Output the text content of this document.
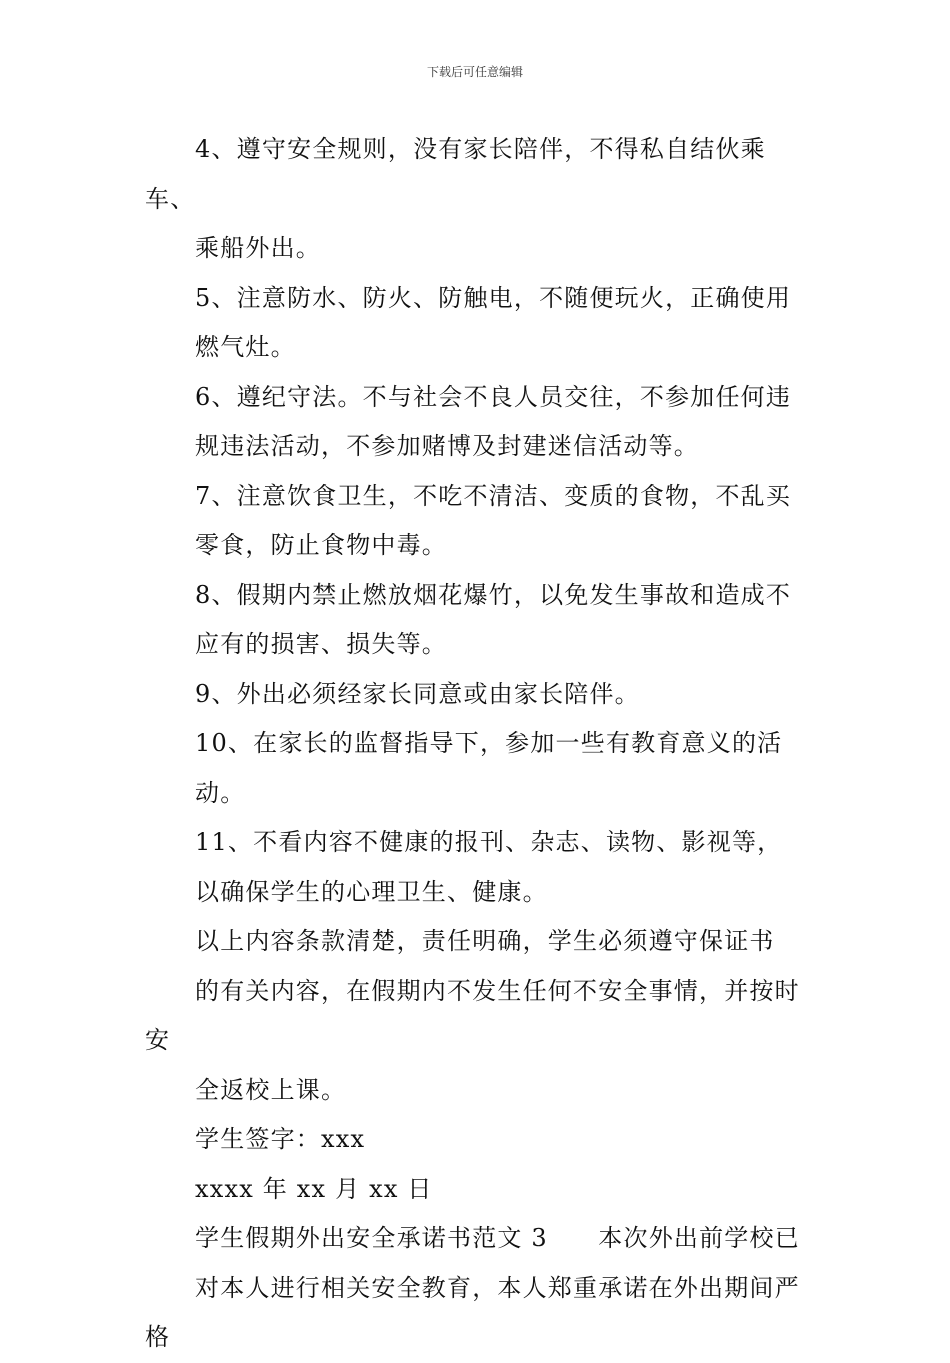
下载后可任意编辑

4、遵守安全规则，没有家长陪伴，不得私自结伙乘车、
乘船外出。

5、注意防水、防火、防触电，不随便玩火，正确使用
燃气灶。

6、遵纪守法。不与社会不良人员交往，不参加任何违
规违法活动，不参加赌博及封建迷信活动等。

7、注意饮食卫生，不吃不清洁、变质的食物，不乱买
零食，防止食物中毒。

8、假期内禁止燃放烟花爆竹，以免发生事故和造成不
应有的损害、损失等。

9、外出必须经家长同意或由家长陪伴。

10、在家长的监督指导下，参加一些有教育意义的活
动。

11、不看内容不健康的报刊、杂志、读物、影视等，
以确保学生的心理卫生、健康。

以上内容条款清楚，责任明确，学生必须遵守保证书
的有关内容，在假期内不发生任何不安全事情，并按时安
全返校上课。

学生签字：xxx

xxxx 年 xx 月 xx 日

学生假期外出安全承诺书范文 3　　本次外出前学校已
对本人进行相关安全教育，本人郑重承诺在外出期间严格
